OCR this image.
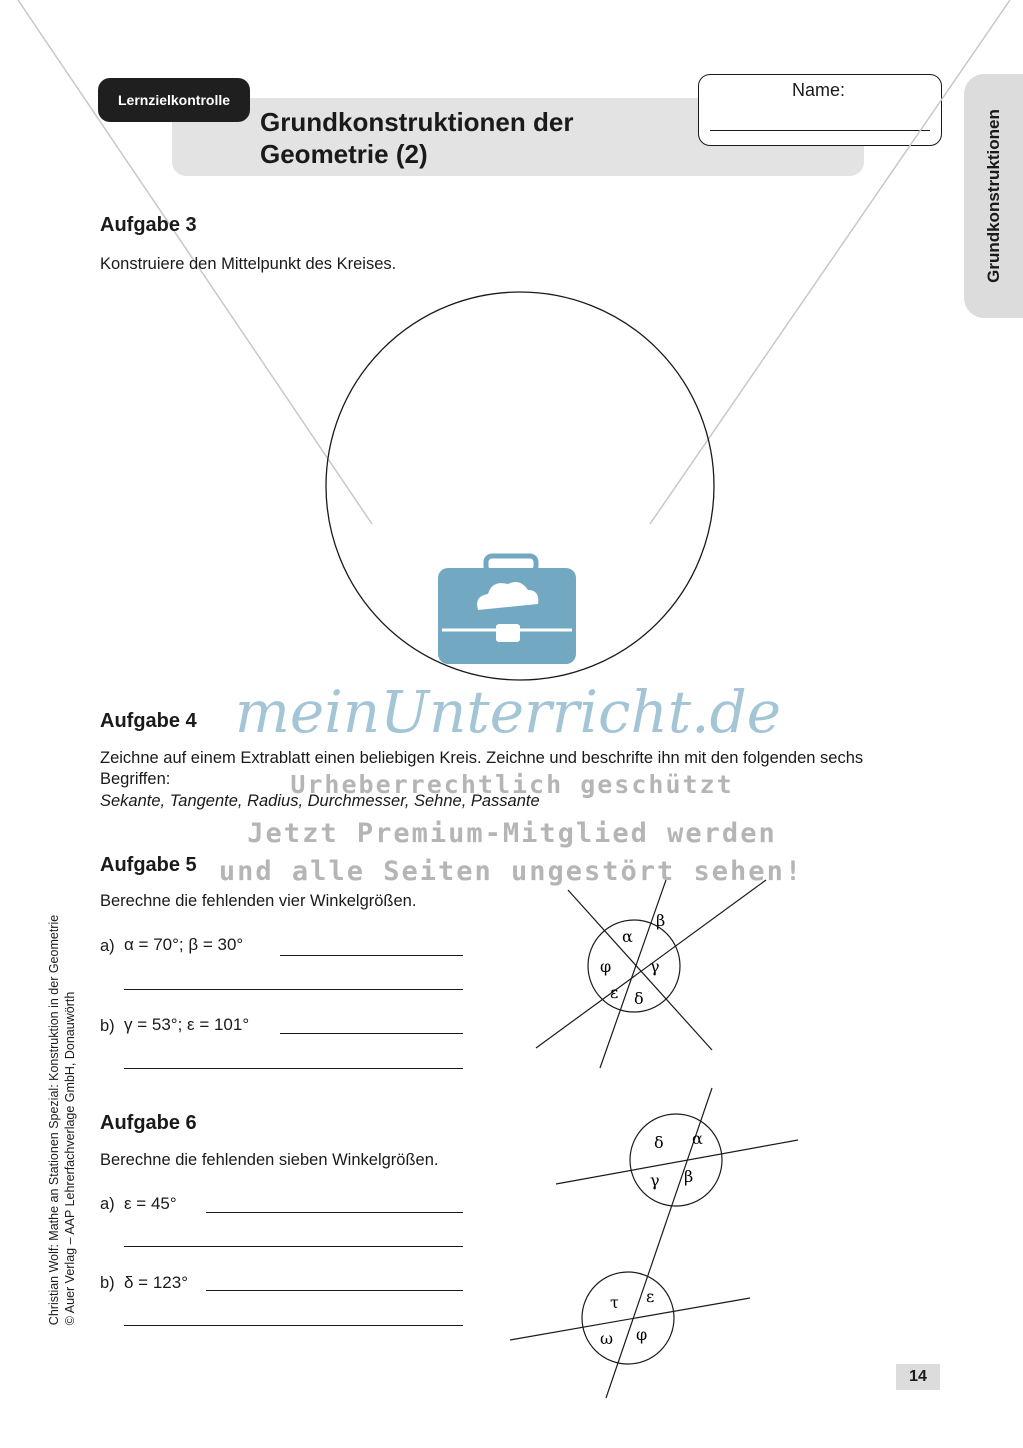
Lernzielkontrolle
Grundkonstruktionen der
Geometrie (2)
Name:
Grundkonstruktionen
α
β
γ
δ
ε
φ
δ α
γ β
τ ε
ω φ
Aufgabe 3
Konstruiere den Mittelpunkt des Kreises.
Aufgabe 4
Zeichne auf einem Extrablatt einen beliebigen Kreis. Zeichne und beschrifte ihn mit den folgenden sechs Begriffen:
Sekante, Tangente, Radius, Durchmesser, Sehne, Passante
Aufgabe 5
Berechne die fehlenden vier Winkelgrößen.
a) α = 70°; β = 30°
b) γ = 53°; ε = 101°
Aufgabe 6
Berechne die fehlenden sieben Winkelgrößen.
a) ε = 45°
b) δ = 123°
Christian Wolf: Mathe an Stationen Spezial: Konstruktion in der Geometrie © Auer Verlag – AAP Lehrerfachverlage GmbH, Donauwörth
14
meinUnterricht.de
Urheberrechtlich geschützt
Jetzt Premium-Mitglied werden
und alle Seiten ungestört sehen!
